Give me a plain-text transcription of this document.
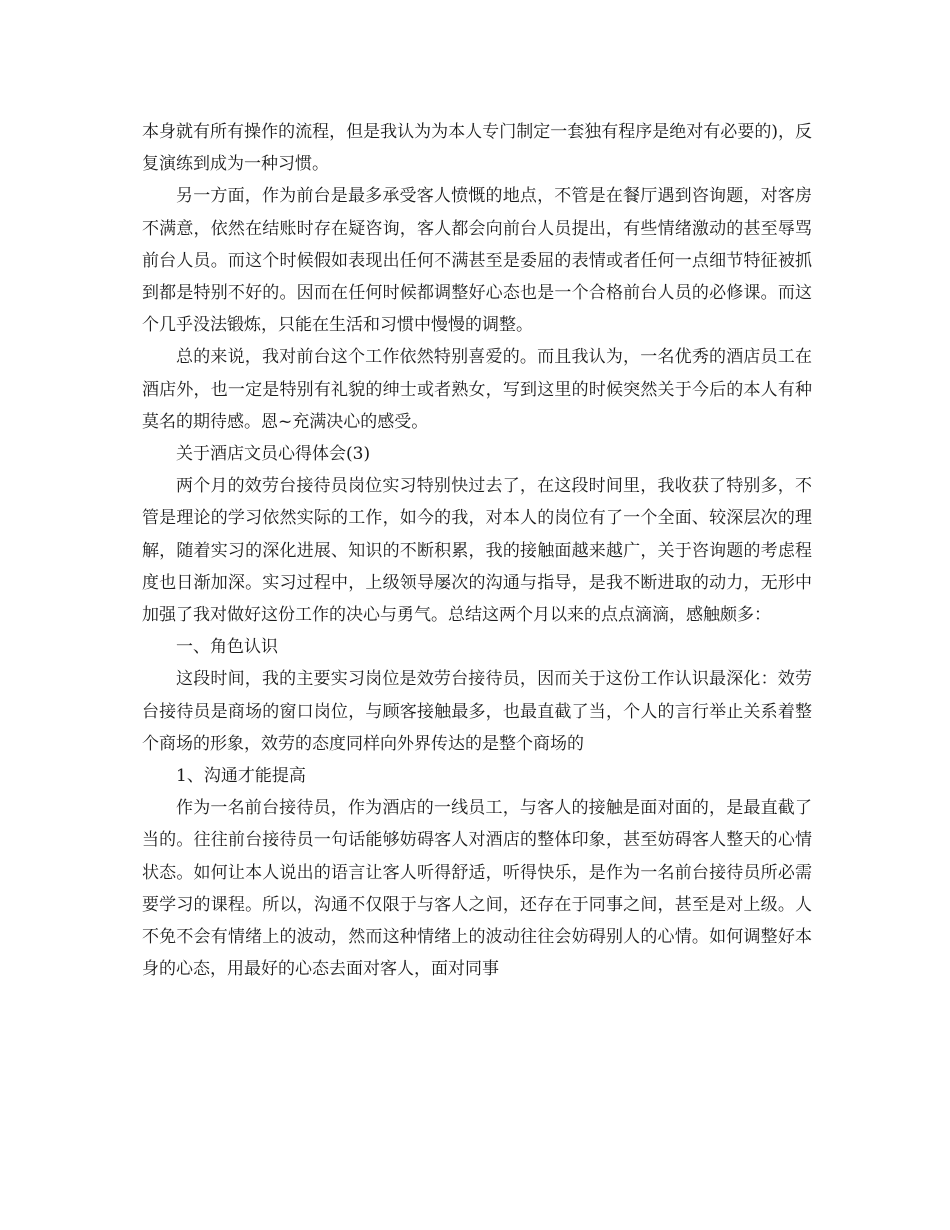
本身就有所有操作的流程，但是我认为为本人专门制定一套独有程序是绝对有必要的)，反复演练到成为一种习惯。

另一方面，作为前台是最多承受客人愤慨的地点，不管是在餐厅遇到咨询题，对客房不满意，依然在结账时存在疑咨询，客人都会向前台人员提出，有些情绪激动的甚至辱骂前台人员。而这个时候假如表现出任何不满甚至是委屈的表情或者任何一点细节特征被抓到都是特别不好的。因而在任何时候都调整好心态也是一个合格前台人员的必修课。而这个几乎没法锻炼，只能在生活和习惯中慢慢的调整。

总的来说，我对前台这个工作依然特别喜爱的。而且我认为，一名优秀的酒店员工在酒店外，也一定是特别有礼貌的绅士或者熟女，写到这里的时候突然关于今后的本人有种莫名的期待感。恩~充满决心的感受。

关于酒店文员心得体会(3)

两个月的效劳台接待员岗位实习特别快过去了，在这段时间里，我收获了特别多，不管是理论的学习依然实际的工作，如今的我，对本人的岗位有了一个全面、较深层次的理解，随着实习的深化进展、知识的不断积累，我的接触面越来越广，关于咨询题的考虑程度也日渐加深。实习过程中，上级领导屡次的沟通与指导，是我不断进取的动力，无形中加强了我对做好这份工作的决心与勇气。总结这两个月以来的点点滴滴，感触颇多：

一、角色认识

这段时间，我的主要实习岗位是效劳台接待员，因而关于这份工作认识最深化：效劳台接待员是商场的窗口岗位，与顾客接触最多，也最直截了当，个人的言行举止关系着整个商场的形象，效劳的态度同样向外界传达的是整个商场的

1、沟通才能提高

作为一名前台接待员，作为酒店的一线员工，与客人的接触是面对面的，是最直截了当的。往往前台接待员一句话能够妨碍客人对酒店的整体印象，甚至妨碍客人整天的心情状态。如何让本人说出的语言让客人听得舒适，听得快乐，是作为一名前台接待员所必需要学习的课程。所以，沟通不仅限于与客人之间，还存在于同事之间，甚至是对上级。人不免不会有情绪上的波动，然而这种情绪上的波动往往会妨碍别人的心情。如何调整好本身的心态，用最好的心态去面对客人，面对同事
